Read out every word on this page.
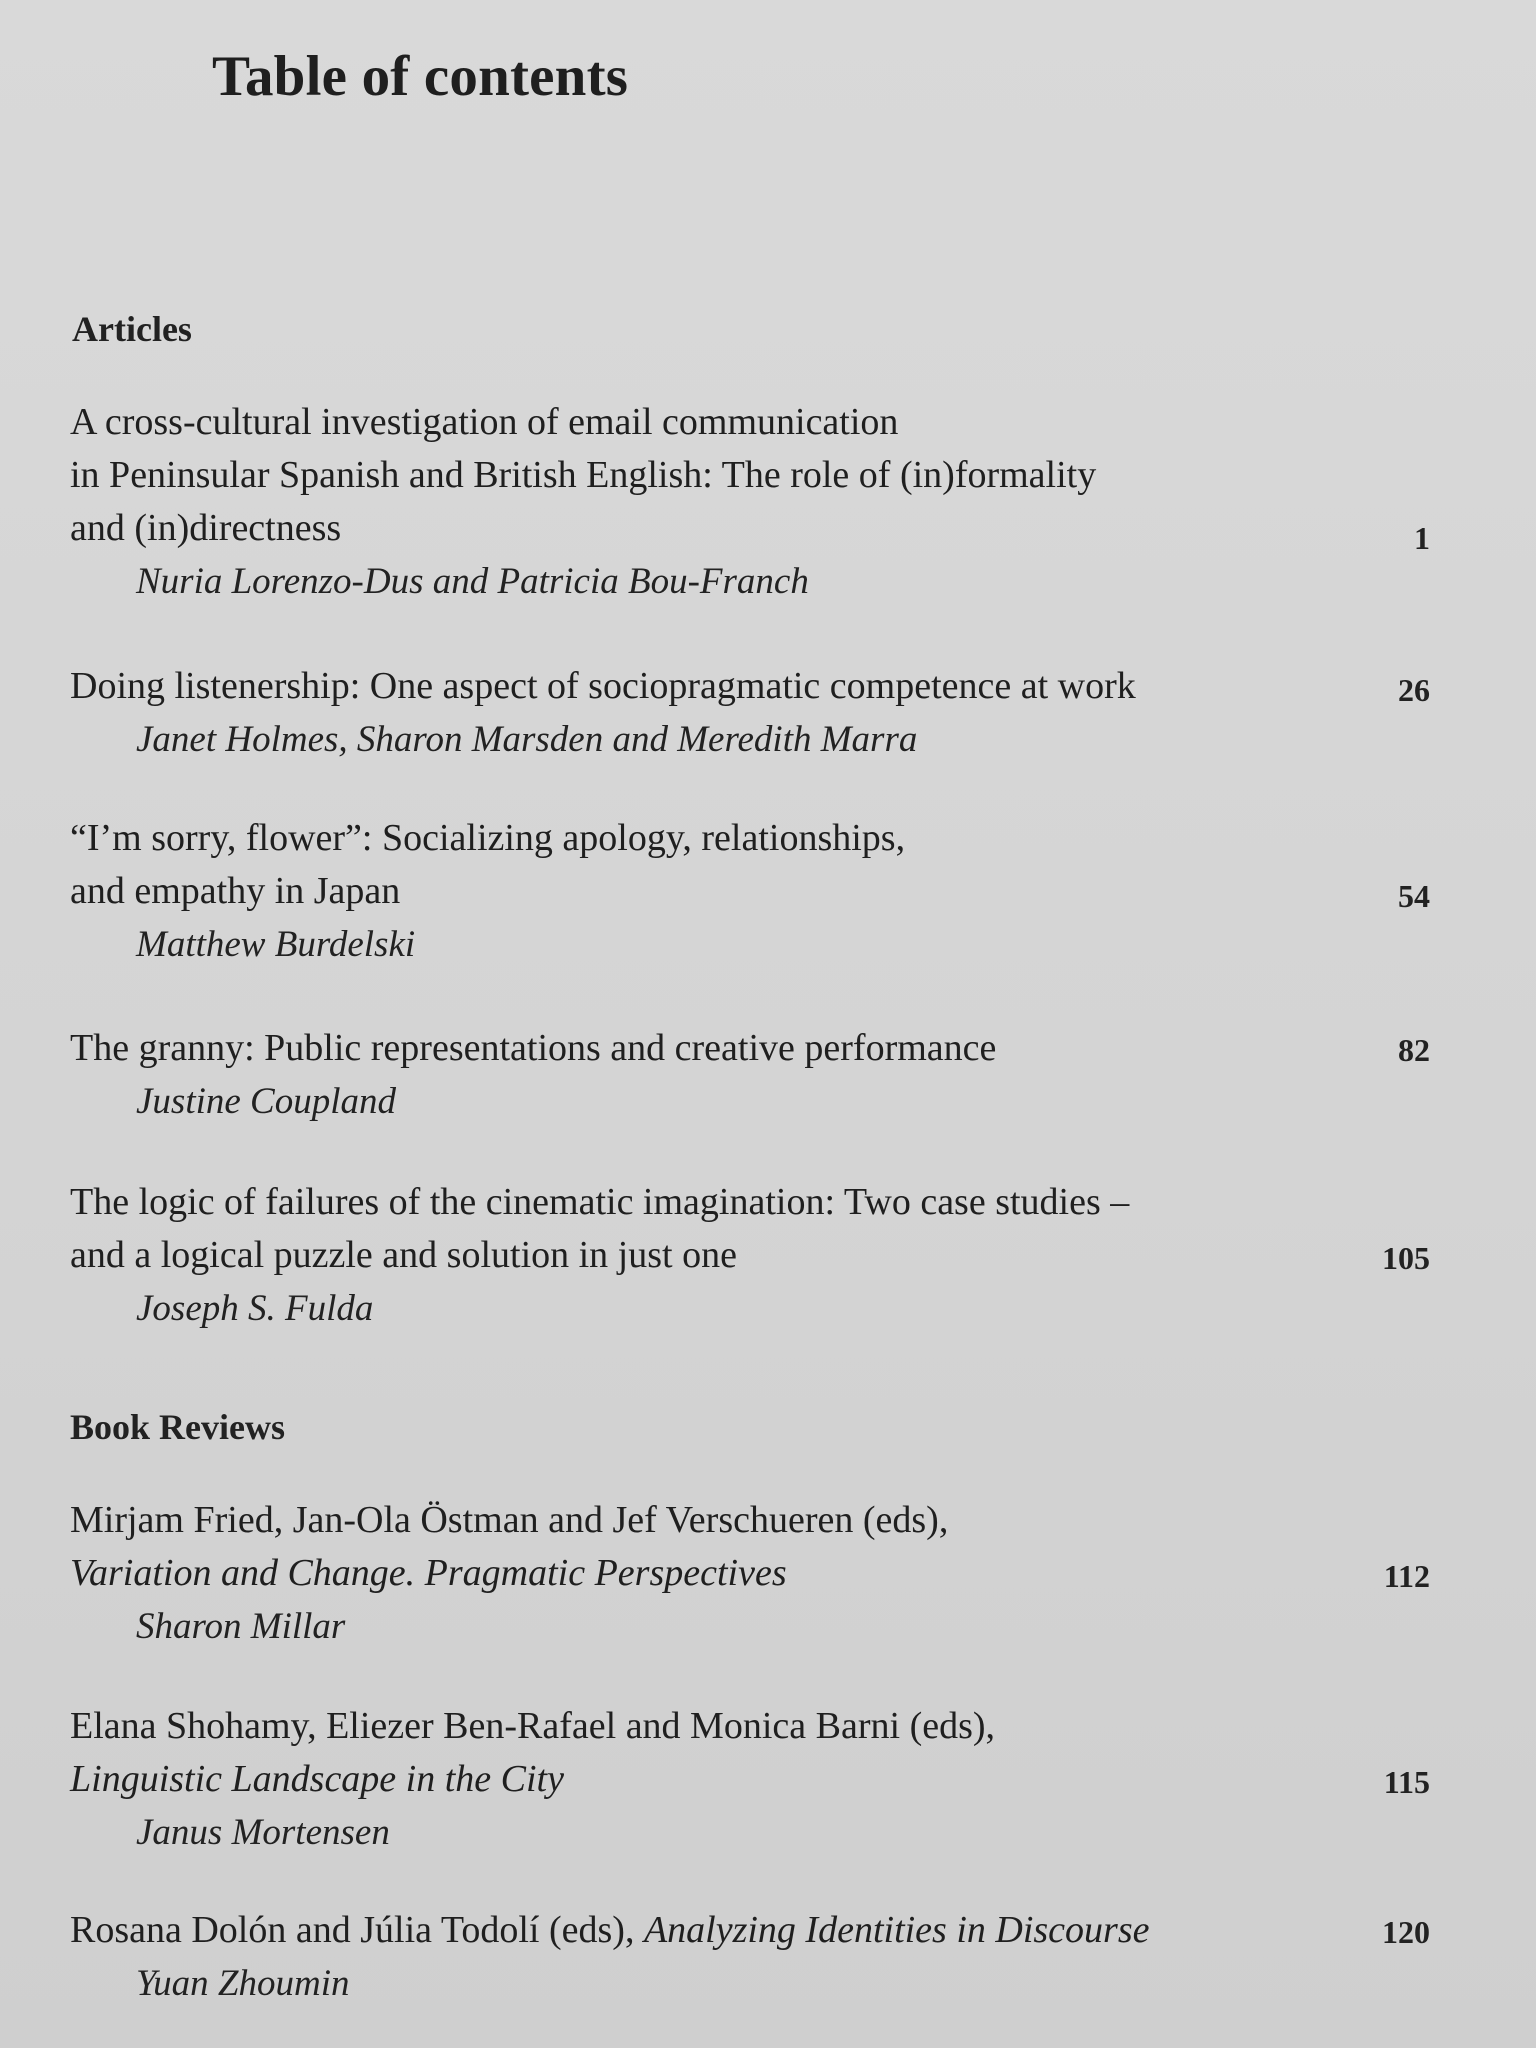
Table of contents
Articles
A cross-cultural investigation of email communication
in Peninsular Spanish and British English: The role of (in)formality
and (in)directness
Nuria Lorenzo-Dus and Patricia Bou-Franch
1
Doing listenership: One aspect of sociopragmatic competence at work
Janet Holmes, Sharon Marsden and Meredith Marra
26
“I’m sorry, flower”: Socializing apology, relationships,
and empathy in Japan
Matthew Burdelski
54
The granny: Public representations and creative performance
Justine Coupland
82
The logic of failures of the cinematic imagination: Two case studies –
and a logical puzzle and solution in just one
Joseph S. Fulda
105
Book Reviews
Mirjam Fried, Jan-Ola Östman and Jef Verschueren (eds),
Variation and Change. Pragmatic Perspectives
Sharon Millar
112
Elana Shohamy, Eliezer Ben-Rafael and Monica Barni (eds),
Linguistic Landscape in the City
Janus Mortensen
115
Rosana Dolón and Júlia Todolí (eds), Analyzing Identities in Discourse
Yuan Zhoumin
120
